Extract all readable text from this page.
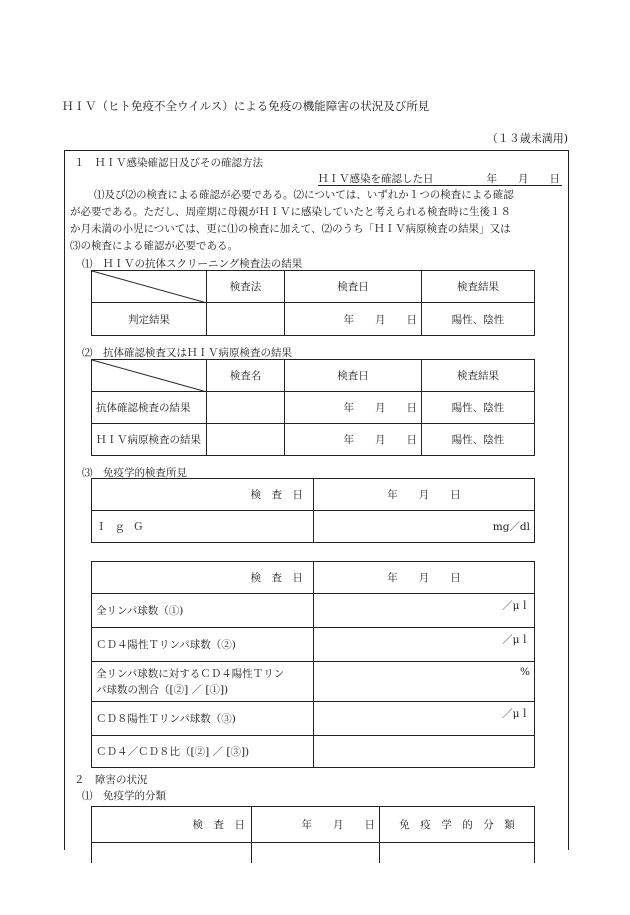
ＨＩＶ（ヒト免疫不全ウイルス）による免疫の機能障害の状況及び所見
（１３歳未満用)
１　ＨＩＶ感染確認日及びその確認方法
ＨＩＶ感染を確認した日	年　　月　　日

⑴及び⑵の検査による確認が必要である。⑵については、いずれか１つの検査による確認

が必要である。ただし、周産期に母親がＨＩＶに感染していたと考えられる検査時に生後１８

か月未満の小児については、更に⑴の検査に加えて、⑵のうち「ＨＩＶ病原検査の結果」又は

⑶の検査による確認が必要である。

⑴　ＨＩＶの抗体スクリーニング検査法の結果
	検査法	検査日	検査結果
判定結果		年　　月　　日	陽性、陰性
⑵　抗体確認検査又はＨＩＶ病原検査の結果
	検査名	検査日	検査結果
抗体確認検査の結果		年　　月　　日	陽性、陰性
ＨＩＶ病原検査の結果		年　　月　　日	陽性、陰性
⑶　免疫学的検査所見
検　査　日	年　　月　　日
ＩｇＧ	mg／dl
検　査　日	年　　月　　日
全リンパ球数（①)	／μｌ
ＣＤ４陽性Ｔリンパ球数（②)	／μｌ

全リンパ球数に対するＣＤ４陽性Ｔリン
パ球数の割合（[②] ／ [①])	%
ＣＤ８陽性Ｔリンパ球数（③)	／μｌ
ＣＤ４／ＣＤ８比（[②] ／ [③])	
２　障害の状況
⑴　免疫学的分類
検　査　日	年　　月　　日	免　疫　学　的　分　類
